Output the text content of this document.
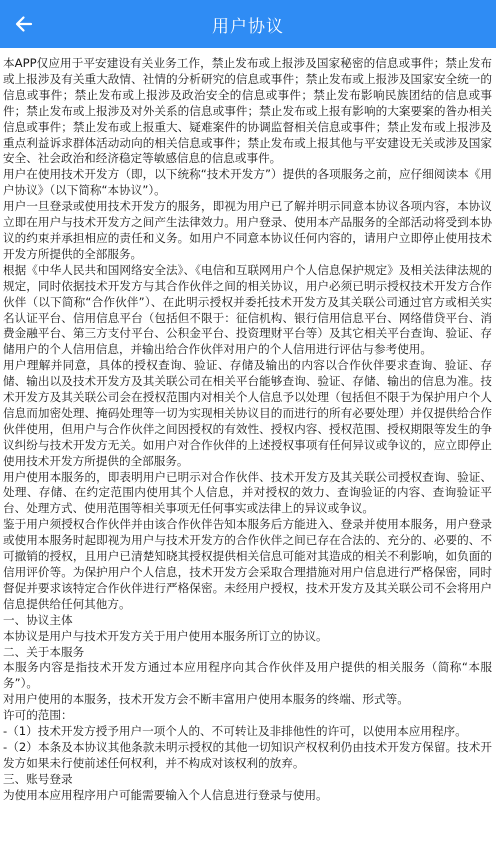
用户协议

本APP仅应用于平安建设有关业务工作，禁止发布或上报涉及国家秘密的信息或事件；禁止发布或上报涉及有关重大敌情、社情的分析研究的信息或事件；禁止发布或上报涉及国家安全统一的信息或事件；禁止发布或上报涉及政治安全的信息或事件；禁止发布影响民族团结的信息或事件；禁止发布或上报涉及对外关系的信息或事件；禁止发布或上报有影响的大案要案的昝办相关信息或事件；禁止发布或上报重大、疑难案件的协调监督相关信息或事件；禁止发布或上报涉及重点利益诉求群体活动动向的相关信息或事件；禁止发布或上报其他与平安建设无关或涉及国家安全、社会政治和经济稳定等敏感信息的信息或事件。

用户在使用技术开发方（即，以下统称“技术开发方”）提供的各项服务之前，应仔细阅读本《用户协议》（以下简称“本协议”）。

用户一旦登录或使用技术开发方的服务，即视为用户已了解并明示同意本协议各项内容，本协议立即在用户与技术开发方之间产生法律效力。用户登录、使用本产品服务的全部活动将受到本协议的约束并承担相应的责任和义务。如用户不同意本协议任何内容的，请用户立即停止使用技术开发方所提供的全部服务。

根据《中华人民共和国网络安全法》、《电信和互联网用户个人信息保护规定》及相关法律法规的规定，同时依据技术开发方与其合作伙伴之间的相关协议，用户必须已明示授权技术开发方合作伙伴（以下简称“合作伙伴”）、在此明示授权并委托技术开发方及其关联公司通过官方或相关实名认证平台、信用信息平台（包括但不限于：征信机构、银行信用信息平台、网络借贷平台、消费金融平台、第三方支付平台、公积金平台、投资理财平台等）及其它相关平台查询、验证、存储用户的个人信用信息，并输出给合作伙伴对用户的个人信用进行评估与参考使用。

用户理解并同意，具体的授权查询、验证、存储及输出的内容以合作伙伴要求查询、验证、存储、输出以及技术开发方及其关联公司在相关平台能够查询、验证、存储、输出的信息为准。技术开发方及其关联公司会在授权范围内对相关个人信息予以处理（包括但不限于为保护用户个人信息而加密处理、掩码处理等一切为实现相关协议目的而进行的所有必要处理）并仅提供给合作伙伴使用，但用户与合作伙伴之间因授权的有效性、授权内容、授权范围、授权期限等发生的争议纠纷与技术开发方无关。如用户对合作伙伴的上述授权事项有任何异议或争议的，应立即停止使用技术开发方所提供的全部服务。

用户使用本服务的，即表明用户已明示对合作伙伴、技术开发方及其关联公司授权查询、验证、处理、存储、在约定范围内使用其个人信息，并对授权的效力、查询验证的内容、查询验证平台、处理方式、使用范围等相关事项无任何事实或法律上的异议或争议。

鉴于用户须授权合作伙伴并由该合作伙伴告知本服务后方能进入、登录并使用本服务，用户登录或使用本服务时起即视为用户与技术开发方的合作伙伴之间已存在合法的、充分的、必要的、不可撤销的授权，且用户已清楚知晓其授权提供相关信息可能对其造成的相关不利影响，如负面的信用评价等。为保护用户个人信息，技术开发方会采取合理措施对用户信息进行严格保密，同时督促并要求该特定合作伙伴进行严格保密。未经用户授权，技术开发方及其关联公司不会将用户信息提供给任何其他方。

一、协议主体

本协议是用户与技术开发方关于用户使用本服务所订立的协议。

二、关于本服务

本服务内容是指技术开发方通过本应用程序向其合作伙伴及用户提供的相关服务（简称“本服务”）。

对用户使用的本服务，技术开发方会不断丰富用户使用本服务的终端、形式等。

许可的范围：

-（1）技术开发方授予用户一项个人的、不可转让及非排他性的许可，以使用本应用程序。

-（2）本条及本协议其他条款未明示授权的其他一切知识产权权利仍由技术开发方保留。技术开发方如果未行使前述任何权利，并不构成对该权利的放弃。

三、账号登录

为使用本应用程序用户可能需要输入个人信息进行登录与使用。
